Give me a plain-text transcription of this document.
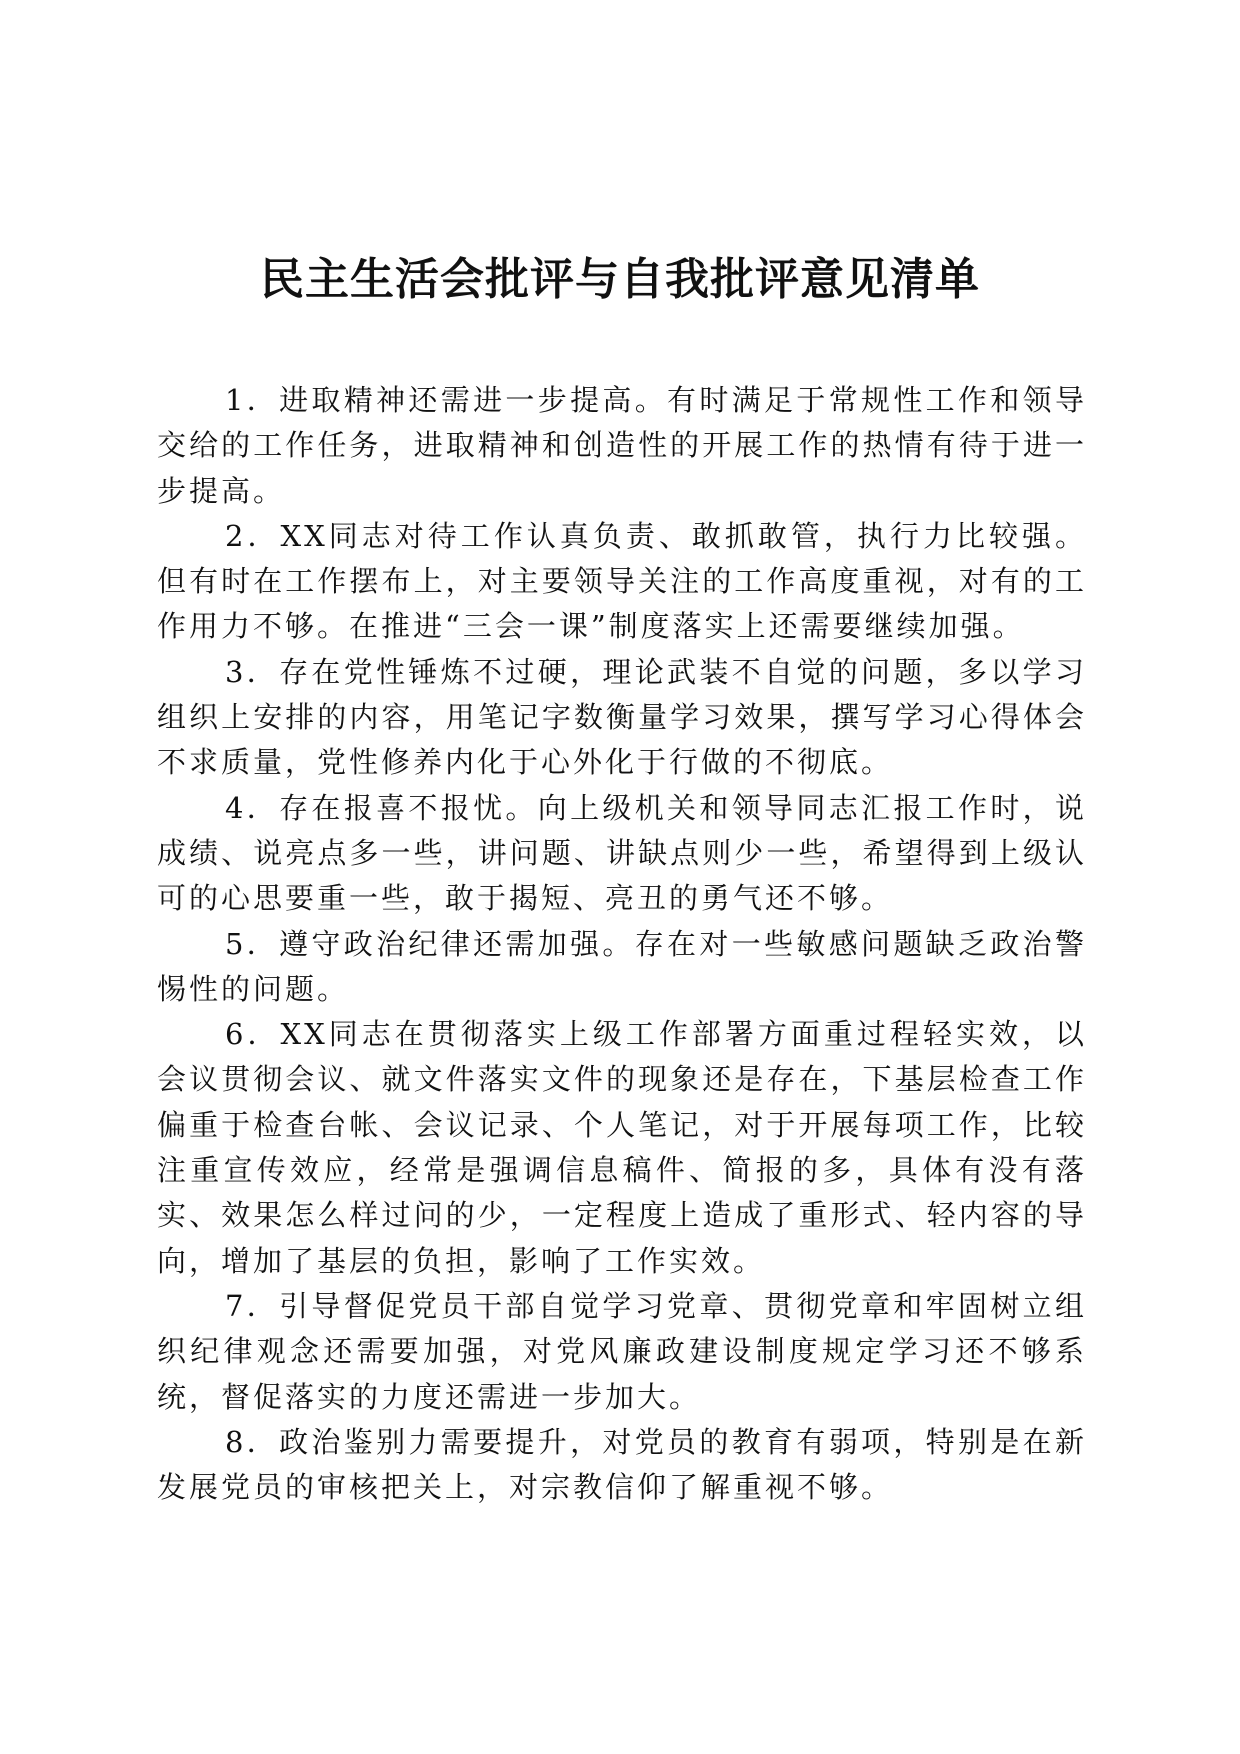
民主生活会批评与自我批评意见清单

1．进取精神还需进一步提高。有时满足于常规性工作和领导交给的工作任务，进取精神和创造性的开展工作的热情有待于进一步提高。

2．XX同志对待工作认真负责、敢抓敢管，执行力比较强。但有时在工作摆布上，对主要领导关注的工作高度重视，对有的工作用力不够。在推进“三会一课”制度落实上还需要继续加强。

3．存在党性锤炼不过硬，理论武装不自觉的问题，多以学习组织上安排的内容，用笔记字数衡量学习效果，撰写学习心得体会不求质量，党性修养内化于心外化于行做的不彻底。

4．存在报喜不报忧。向上级机关和领导同志汇报工作时，说成绩、说亮点多一些，讲问题、讲缺点则少一些，希望得到上级认可的心思要重一些，敢于揭短、亮丑的勇气还不够。

5．遵守政治纪律还需加强。存在对一些敏感问题缺乏政治警惕性的问题。

6．XX同志在贯彻落实上级工作部署方面重过程轻实效，以会议贯彻会议、就文件落实文件的现象还是存在，下基层检查工作偏重于检查台帐、会议记录、个人笔记，对于开展每项工作，比较注重宣传效应，经常是强调信息稿件、简报的多，具体有没有落实、效果怎么样过问的少，一定程度上造成了重形式、轻内容的导向，增加了基层的负担，影响了工作实效。

7．引导督促党员干部自觉学习党章、贯彻党章和牢固树立组织纪律观念还需要加强，对党风廉政建设制度规定学习还不够系统，督促落实的力度还需进一步加大。

8．政治鉴别力需要提升，对党员的教育有弱项，特别是在新发展党员的审核把关上，对宗教信仰了解重视不够。
